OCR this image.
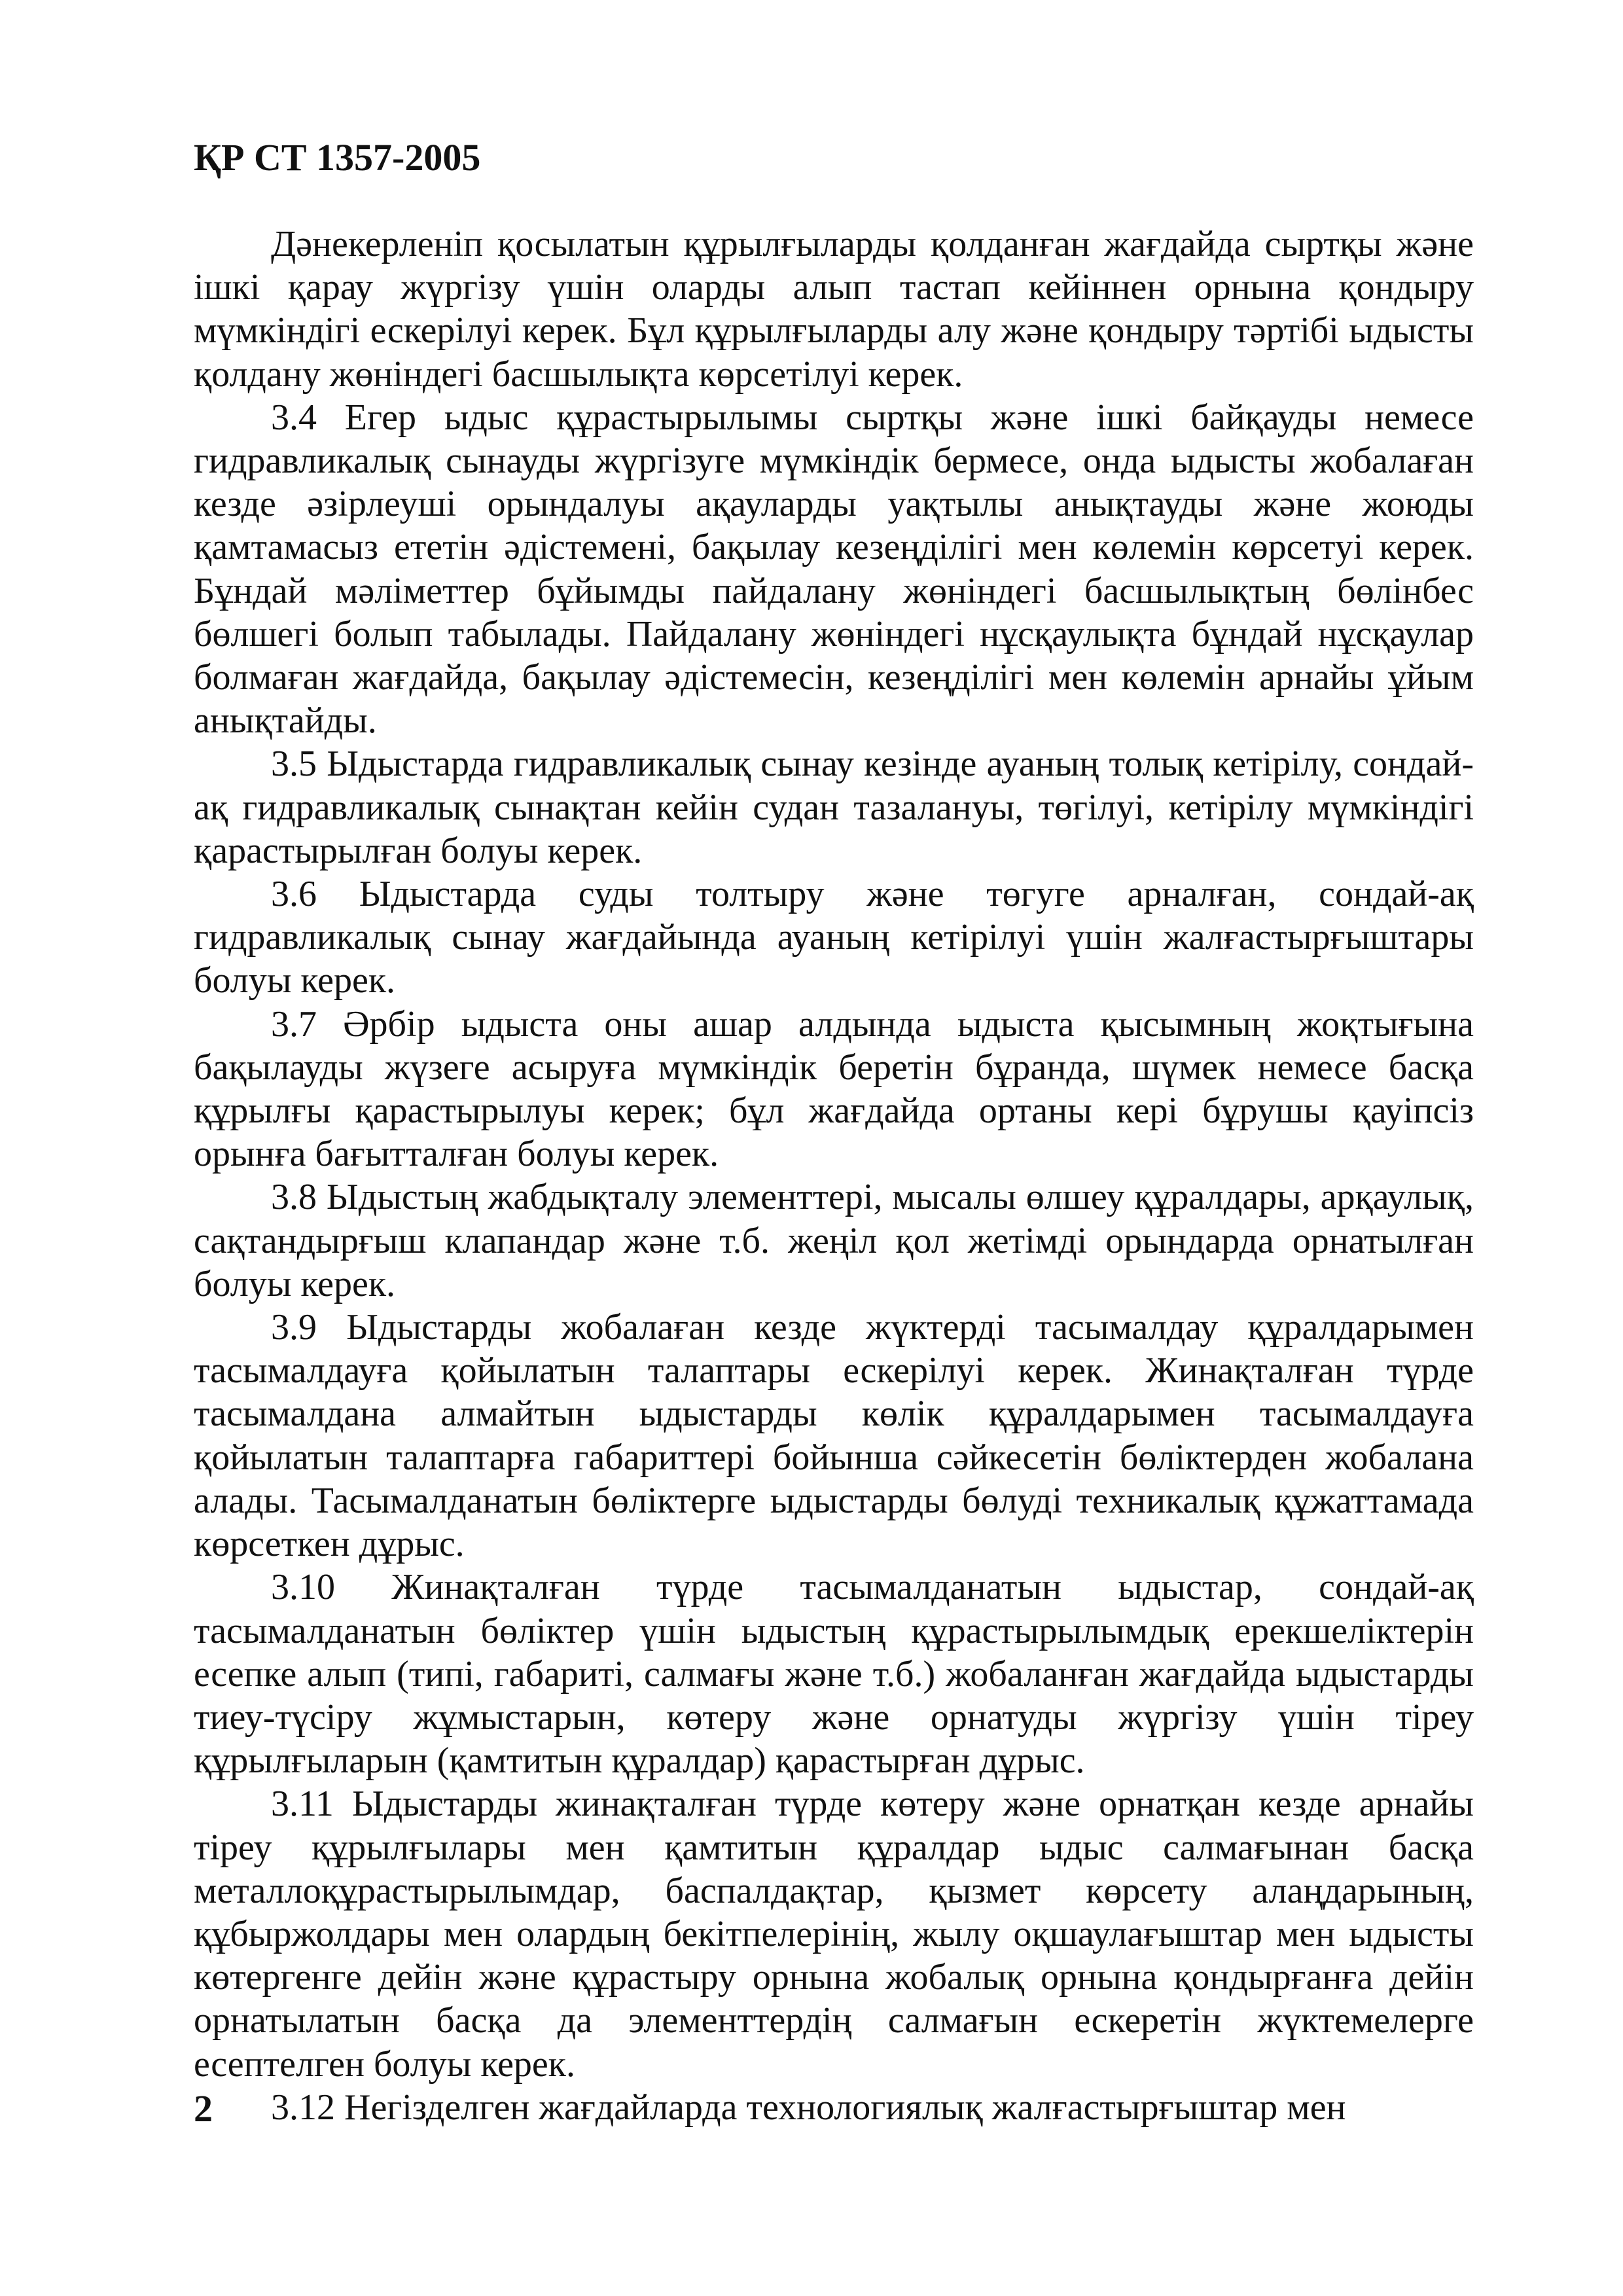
ҚР СТ 1357-2005

Дәнекерленіп қосылатын құрылғыларды қолданған жағдайда сыртқы және ішкі қарау жүргізу үшін оларды алып тастап кейіннен орнына қондыру мүмкіндігі ескерілуі керек. Бұл құрылғыларды алу және қондыру тәртібі ыдысты қолдану жөніндегі басшылықта көрсетілуі керек.

3.4 Егер ыдыс құрастырылымы сыртқы және ішкі байқауды немесе гидравликалық сынауды жүргізуге мүмкіндік бермесе, онда ыдысты жобалаған кезде әзірлеуші орындалуы ақауларды уақтылы анықтауды және жоюды қамтамасыз ететін әдістемені, бақылау кезеңділігі мен көлемін көрсетуі керек. Бұндай мәліметтер бұйымды пайдалану жөніндегі басшылықтың бөлінбес бөлшегі болып табылады. Пайдалану жөніндегі нұсқаулықта бұндай нұсқаулар болмаған жағдайда, бақылау әдістемесін, кезеңділігі мен көлемін арнайы ұйым анықтайды.

3.5 Ыдыстарда гидравликалық сынау кезінде ауаның толық кетірілу, сондай-ақ гидравликалық сынақтан кейін судан тазалануы, төгілуі, кетірілу мүмкіндігі қарастырылған болуы керек.

3.6 Ыдыстарда суды толтыру және төгуге арналған, сондай-ақ гидравликалық сынау жағдайында ауаның кетірілуі үшін жалғастырғыштары болуы керек.

3.7 Әрбір ыдыста оны ашар алдында ыдыста қысымның жоқтығына бақылауды жүзеге асыруға мүмкіндік беретін бұранда, шүмек немесе басқа құрылғы қарастырылуы керек; бұл жағдайда ортаны кері бұрушы қауіпсіз орынға бағытталған болуы керек.

3.8 Ыдыстың жабдықталу элементтері, мысалы өлшеу құралдары, арқаулық, сақтандырғыш клапандар және т.б. жеңіл қол жетімді орындарда орнатылған болуы керек.

3.9 Ыдыстарды жобалаған кезде жүктерді тасымалдау құралдарымен тасымалдауға қойылатын талаптары ескерілуі керек. Жинақталған түрде тасымалдана алмайтын ыдыстарды көлік құралдарымен тасымалдауға қойылатын талаптарға габариттері бойынша сәйкесетін бөліктерден жобалана алады. Тасымалданатын бөліктерге ыдыстарды бөлуді техникалық құжаттамада көрсеткен дұрыс.

3.10 Жинақталған түрде тасымалданатын ыдыстар, сондай-ақ тасымалданатын бөліктер үшін ыдыстың құрастырылымдық ерекшеліктерін есепке алып (типі, габариті, салмағы және т.б.) жобаланған жағдайда ыдыстарды тиеу-түсіру жұмыстарын, көтеру және орнатуды жүргізу үшін тіреу құрылғыларын (қамтитын құралдар) қарастырған дұрыс.

3.11 Ыдыстарды жинақталған түрде көтеру және орнатқан кезде арнайы тіреу құрылғылары мен қамтитын құралдар ыдыс салмағынан басқа металлоқұрастырылымдар, баспалдақтар, қызмет көрсету алаңдарының, құбыржолдары мен олардың бекітпелерінің, жылу оқшаулағыштар мен ыдысты көтергенге дейін және құрастыру орнына жобалық орнына қондырғанға дейін орнатылатын басқа да элементтердің салмағын ескеретін жүктемелерге есептелген болуы керек.

3.12 Негізделген жағдайларда технологиялық жалғастырғыштар мен

2
